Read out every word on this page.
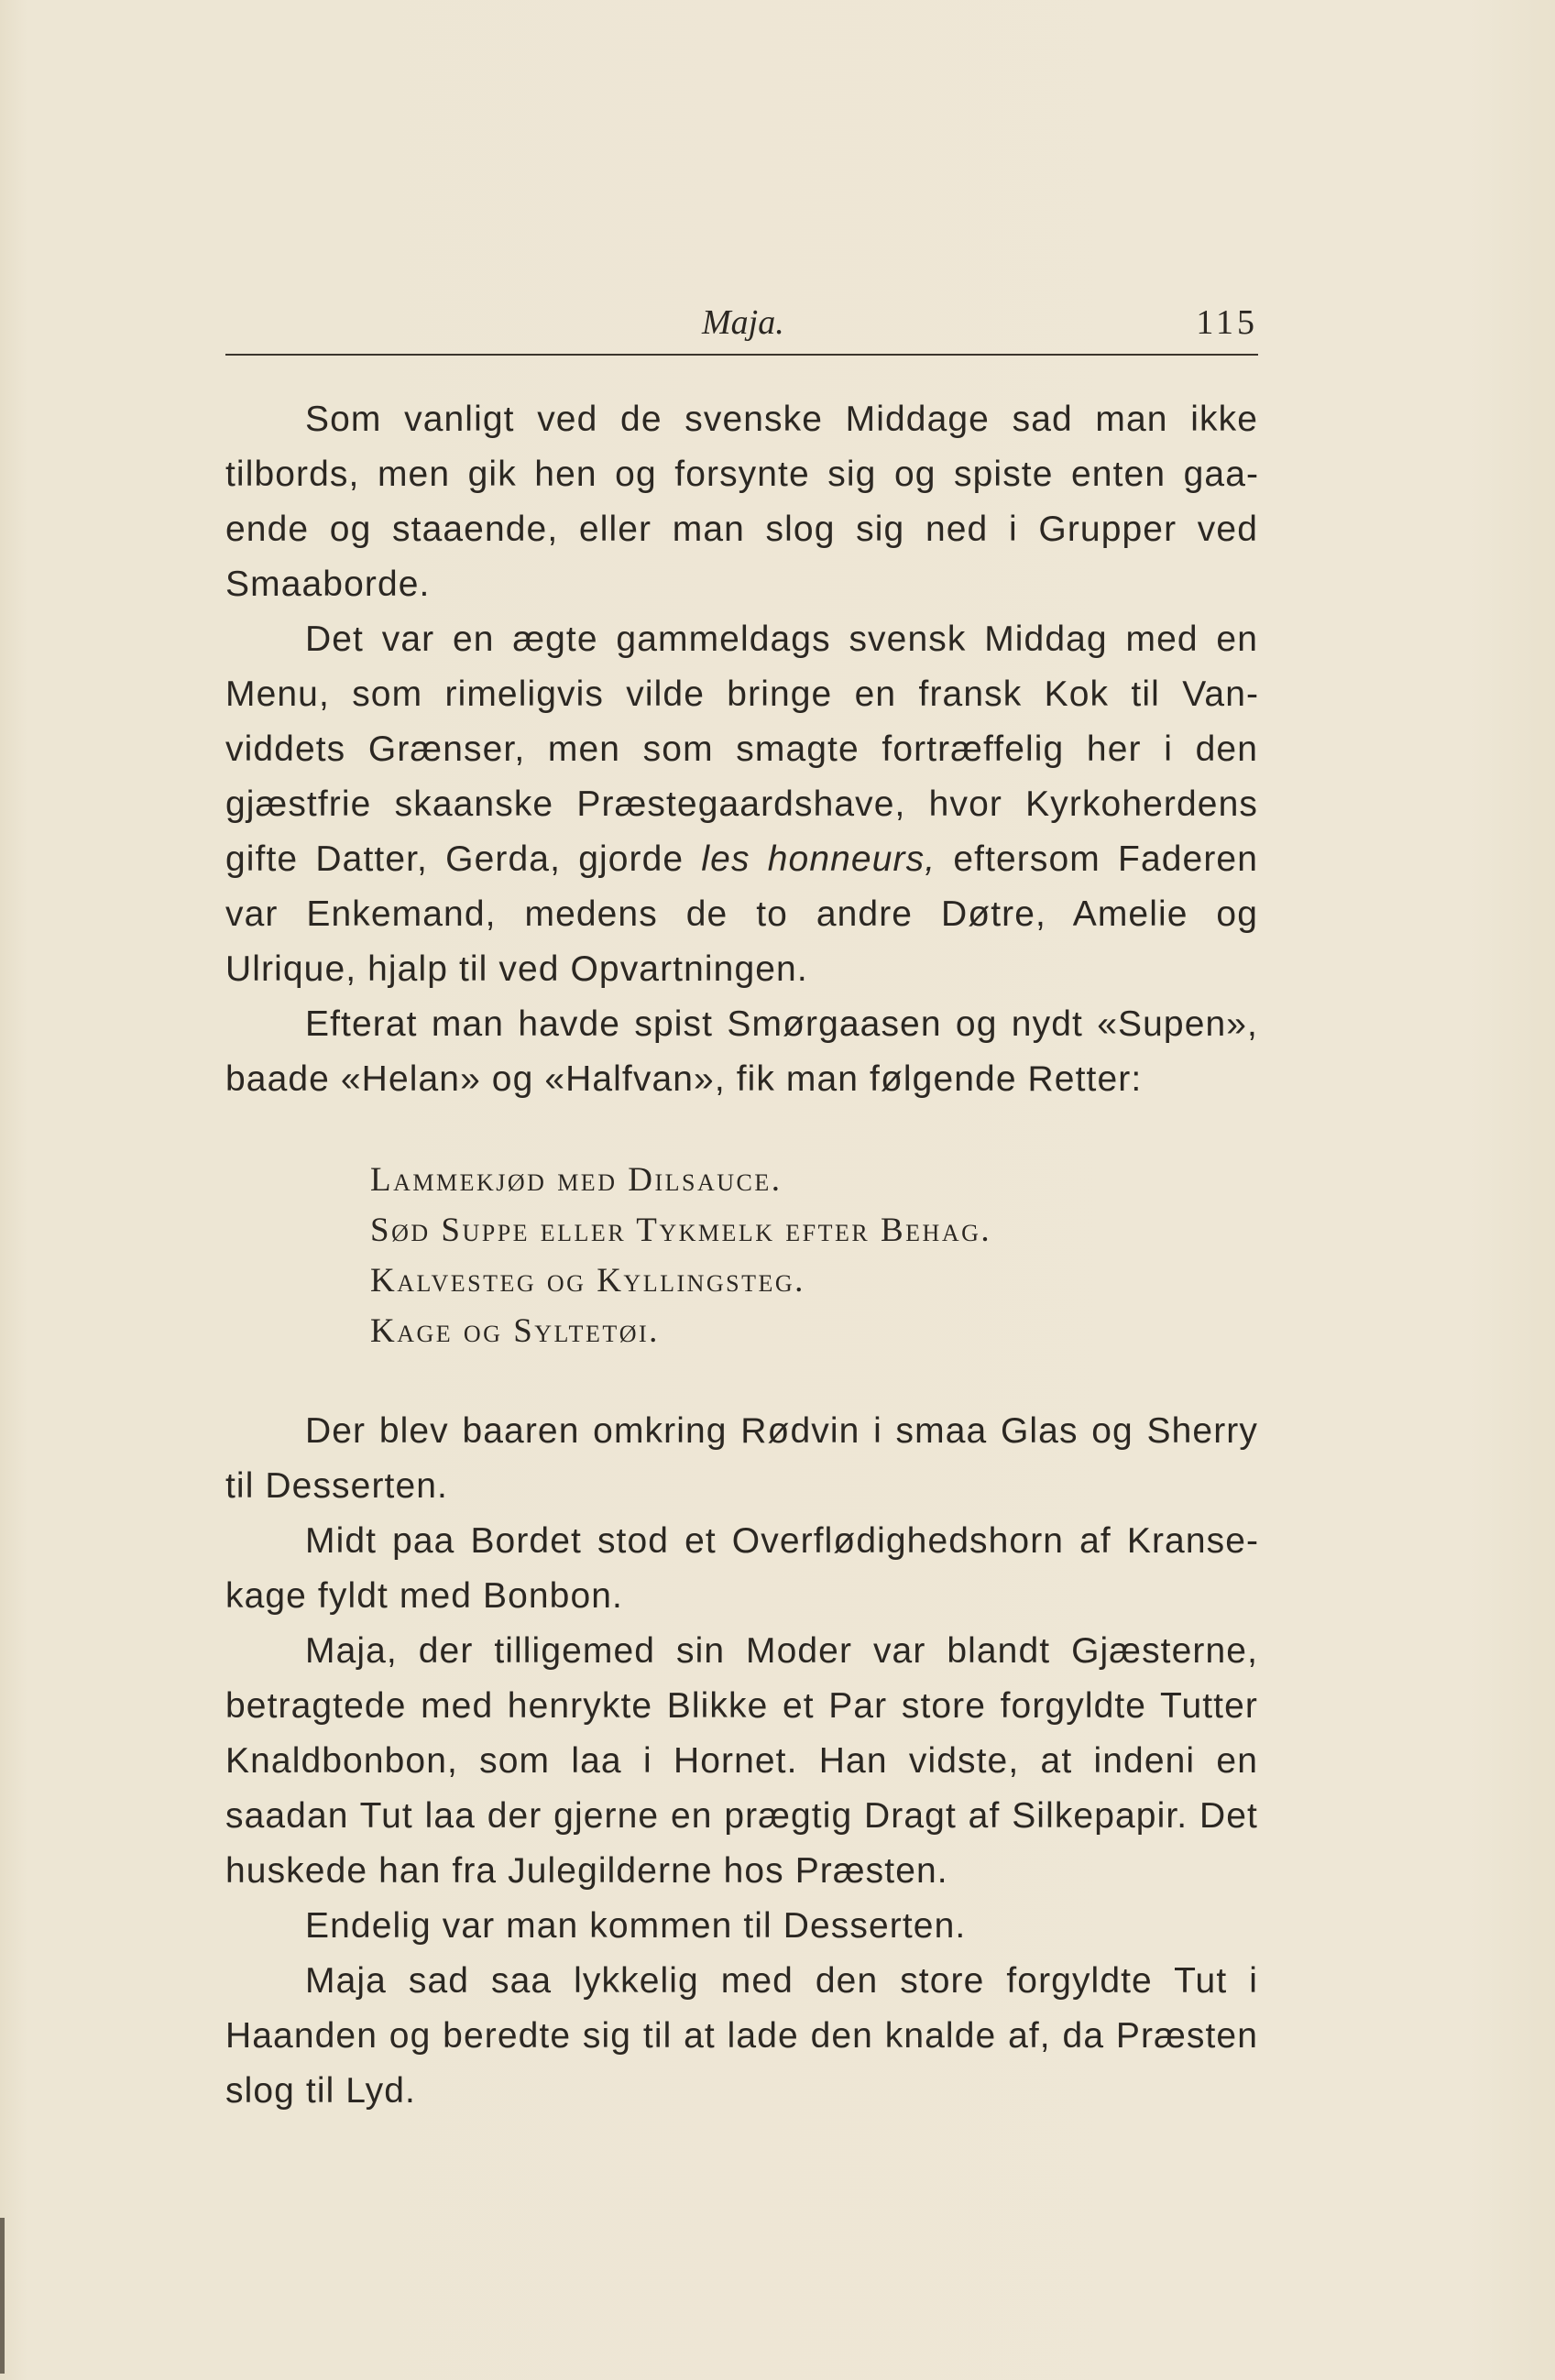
Maja.	115

Som vanligt ved de svenske Middage sad man ikke tilbords, men gik hen og forsynte sig og spiste enten gaaende og staaende, eller man slog sig ned i Grupper ved Smaaborde.

Det var en ægte gammeldags svensk Middag med en Menu, som rimeligvis vilde bringe en fransk Kok til Vanviddets Grænser, men som smagte fortræffelig her i den gjæstfrie skaanske Præstegaardshave, hvor Kyrkoherdens gifte Datter, Gerda, gjorde les honneurs, eftersom Faderen var Enkemand, medens de to andre Døtre, Amelie og Ulrique, hjalp til ved Opvartningen.

Efterat man havde spist Smørgaasen og nydt «Supen», baade «Helan» og «Halfvan», fik man følgende Retter:

Lammekjød med Dilsauce.
Sød Suppe eller Tykmelk efter Behag.
Kalvesteg og Kyllingsteg.
Kage og Syltetøi.

Der blev baaren omkring Rødvin i smaa Glas og Sherry til Desserten.

Midt paa Bordet stod et Overflødighedshorn af Kransekage fyldt med Bonbon.

Maja, der tilligemed sin Moder var blandt Gjæsterne, betragtede med henrykte Blikke et Par store forgyldte Tutter Knaldbonbon, som laa i Hornet. Han vidste, at indeni en saadan Tut laa der gjerne en prægtig Dragt af Silkepapir. Det huskede han fra Julegilderne hos Præsten.

Endelig var man kommen til Desserten.

Maja sad saa lykkelig med den store forgyldte Tut i Haanden og beredte sig til at lade den knalde af, da Præsten slog til Lyd.
